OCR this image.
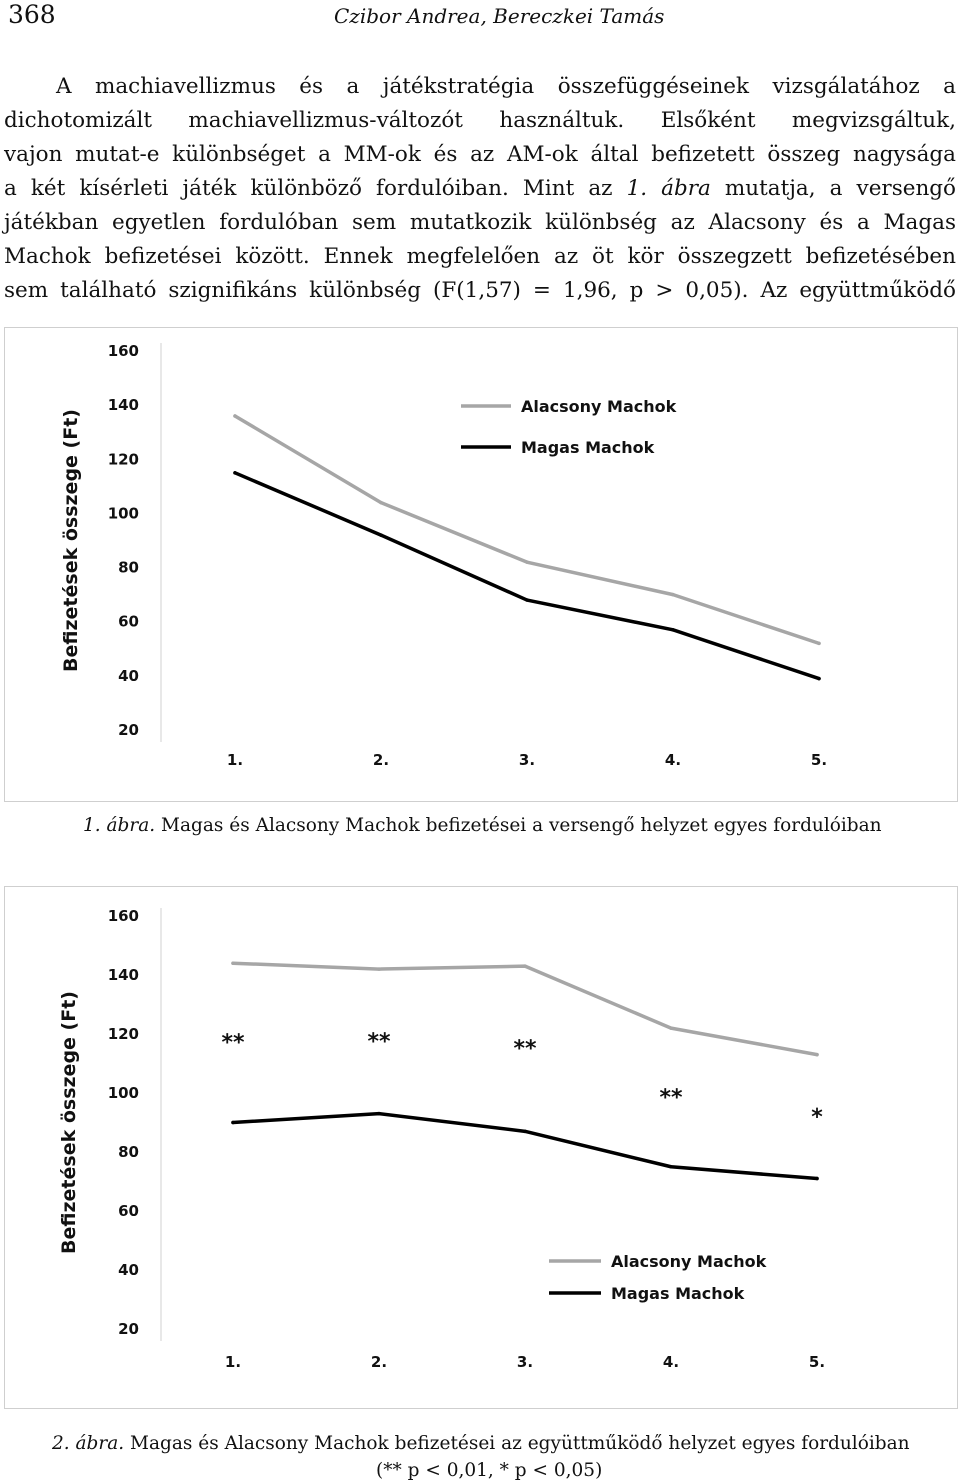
368	Czibor Andrea, Bereczkei Tamás
A machiavellizmus és a játékstratégia összefüggéseinek vizsgálatához a
dichotomizált machiavellizmus-változót használtuk. Elsőként megvizsgáltuk,
vajon mutat-e különbséget a MM-ok és az AM-ok által befizetett összeg nagysága
a két kísérleti játék különböző fordulóiban. Mint az 1. ábra mutatja, a versengő
játékban egyetlen fordulóban sem mutatkozik különbség az Alacsony és a Magas
Machok befizetései között. Ennek megfelelően az öt kör összegzett befizetésében
sem található szignifikáns különbség (F(1,57) = 1,96, p > 0,05). Az együttműködő
160
140
120
100
80
60
40
20
1.	2.	3.	4.	5.
Befizetések összege (Ft)
Alacsony Machok
Magas Machok
1. ábra. Magas és Alacsony Machok befizetései a versengő helyzet egyes fordulóiban
160
140
120
100
80
60
40
20
1.	2.	3.	4.	5.
Befizetések összege (Ft)	**	**	**
**
*
Alacsony Machok
Magas Machok
2. ábra. Magas és Alacsony Machok befizetései az együttműködő helyzet egyes fordulóiban
(** p < 0,01, * p < 0,05)
